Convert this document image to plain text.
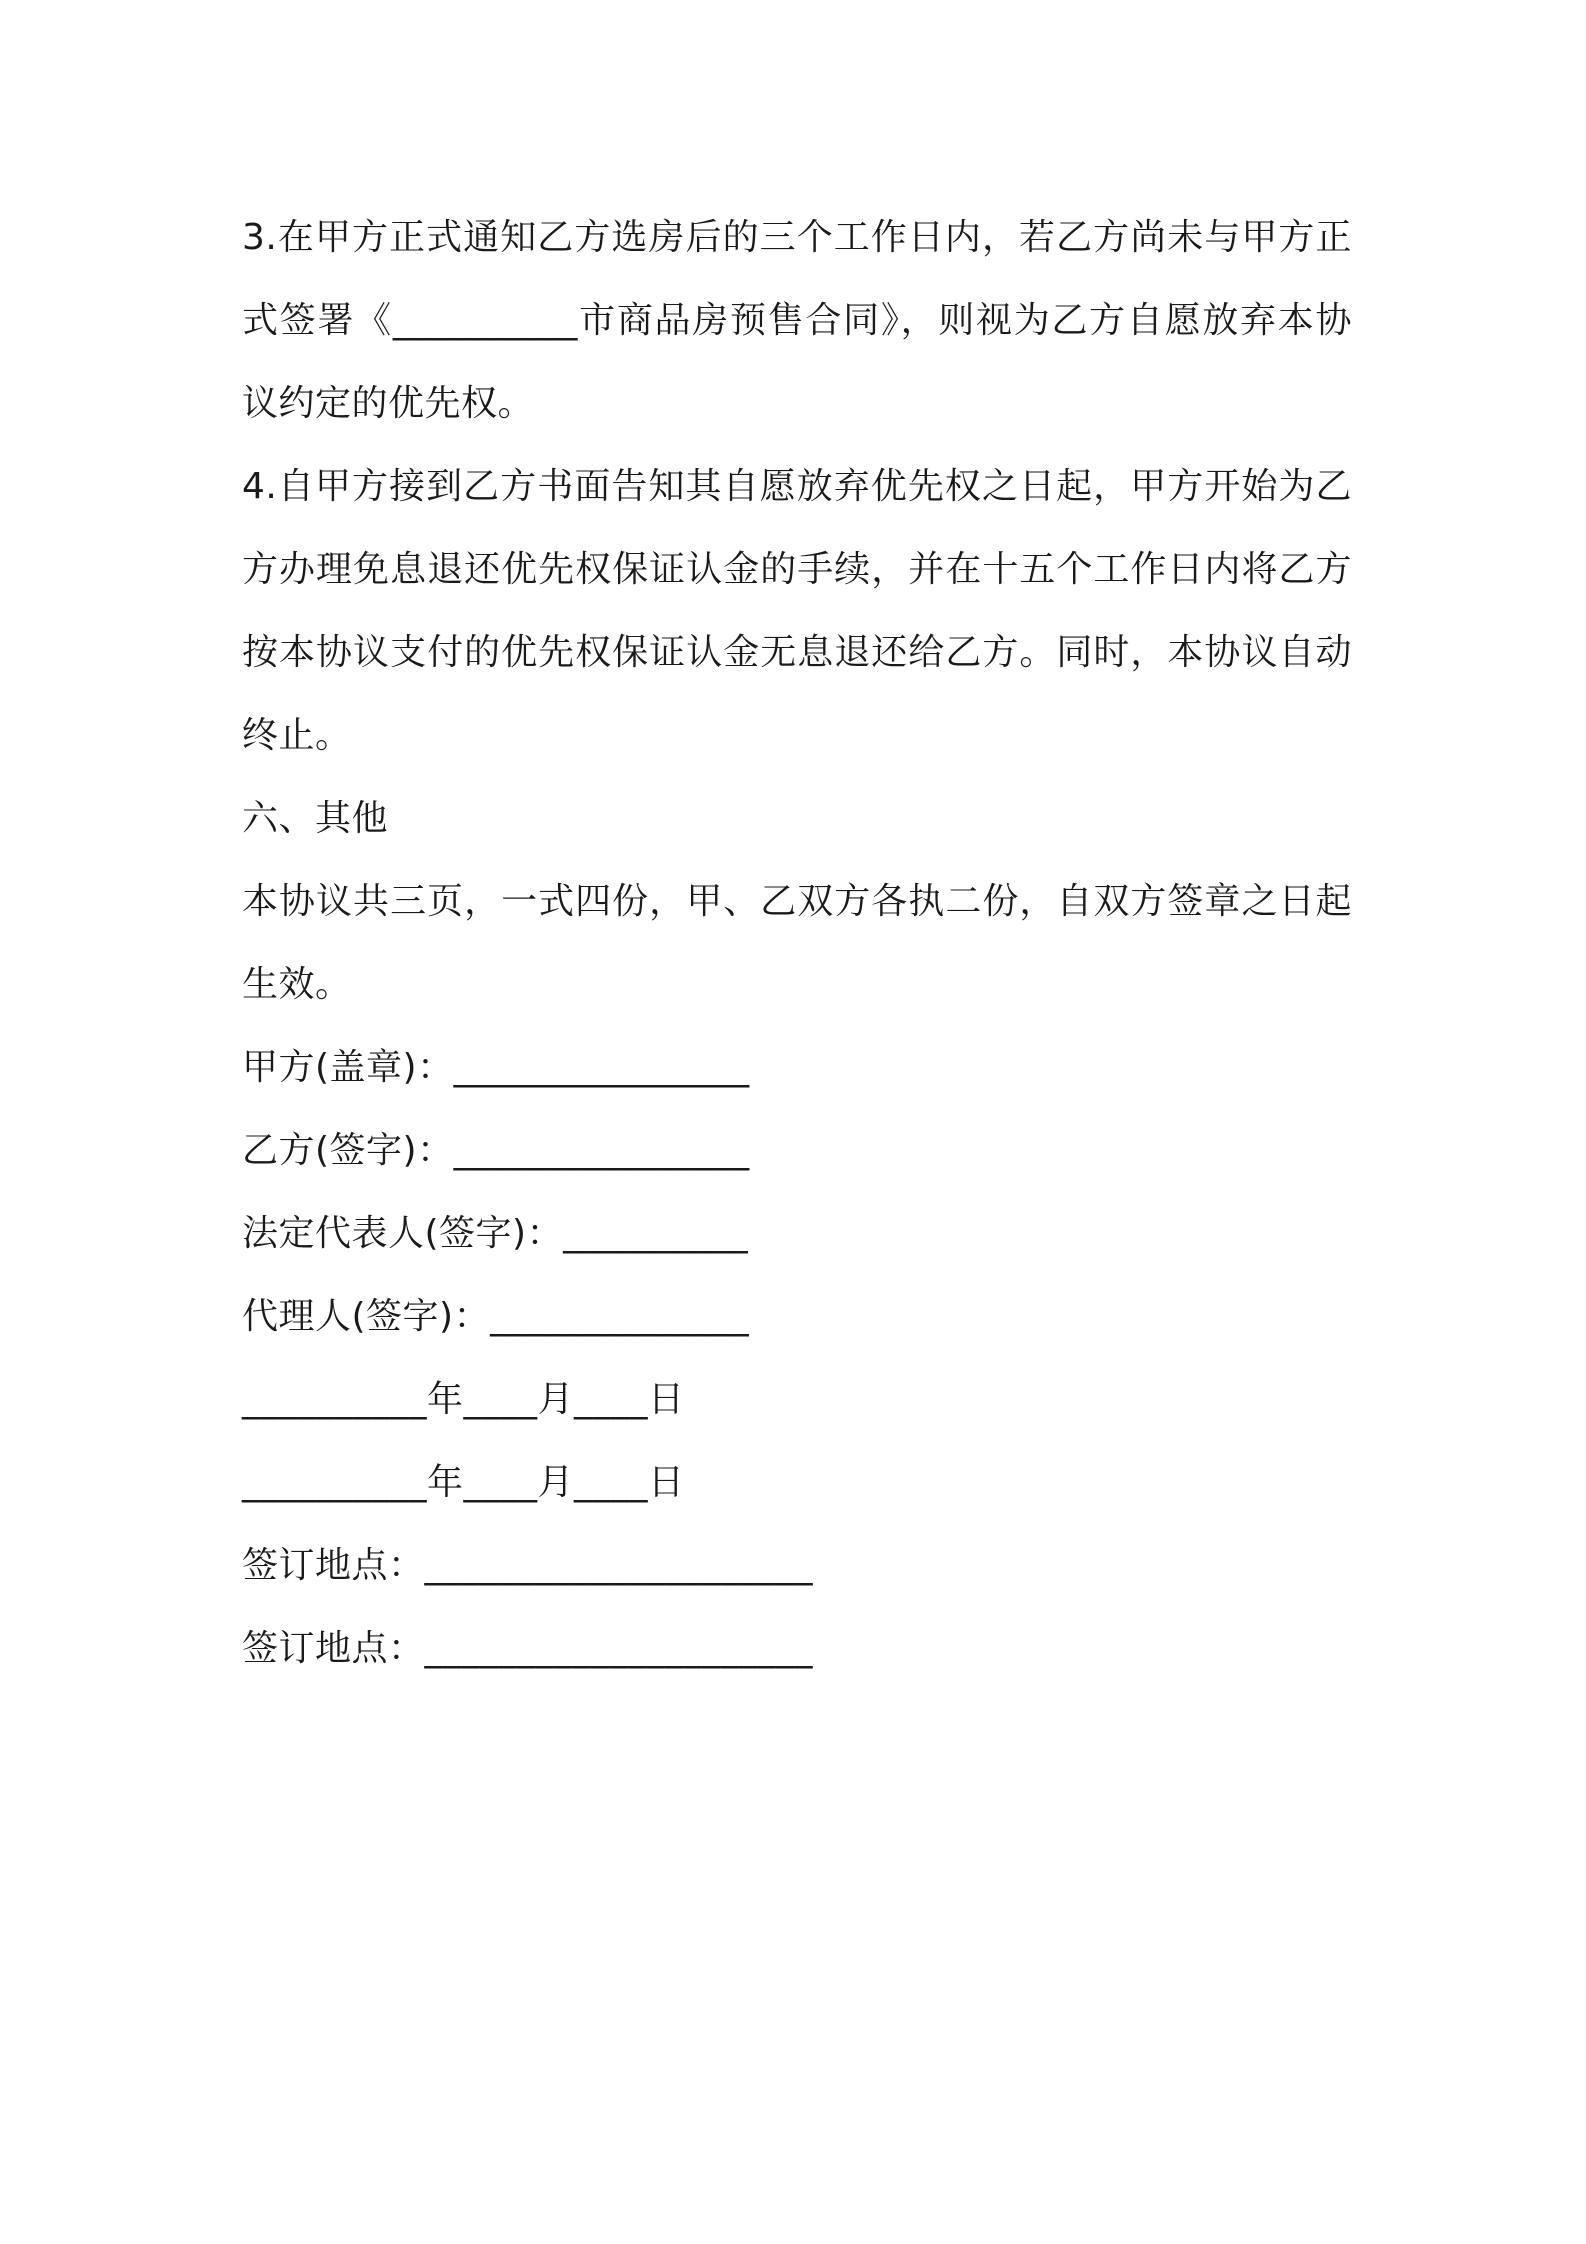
3.在甲方正式通知乙方选房后的三个工作日内，若乙方尚未与甲方正式签署《__________市商品房预售合同》，则视为乙方自愿放弃本协议约定的优先权。

4.自甲方接到乙方书面告知其自愿放弃优先权之日起，甲方开始为乙方办理免息退还优先权保证认金的手续，并在十五个工作日内将乙方按本协议支付的优先权保证认金无息退还给乙方。同时，本协议自动终止。

六、其他

本协议共三页，一式四份，甲、乙双方各执二份，自双方签章之日起生效。

甲方(盖章)：________________

乙方(签字)：________________

法定代表人(签字)：__________

代理人(签字)：______________

__________年____月____日

__________年____月____日

签订地点：_____________________

签订地点：_____________________
